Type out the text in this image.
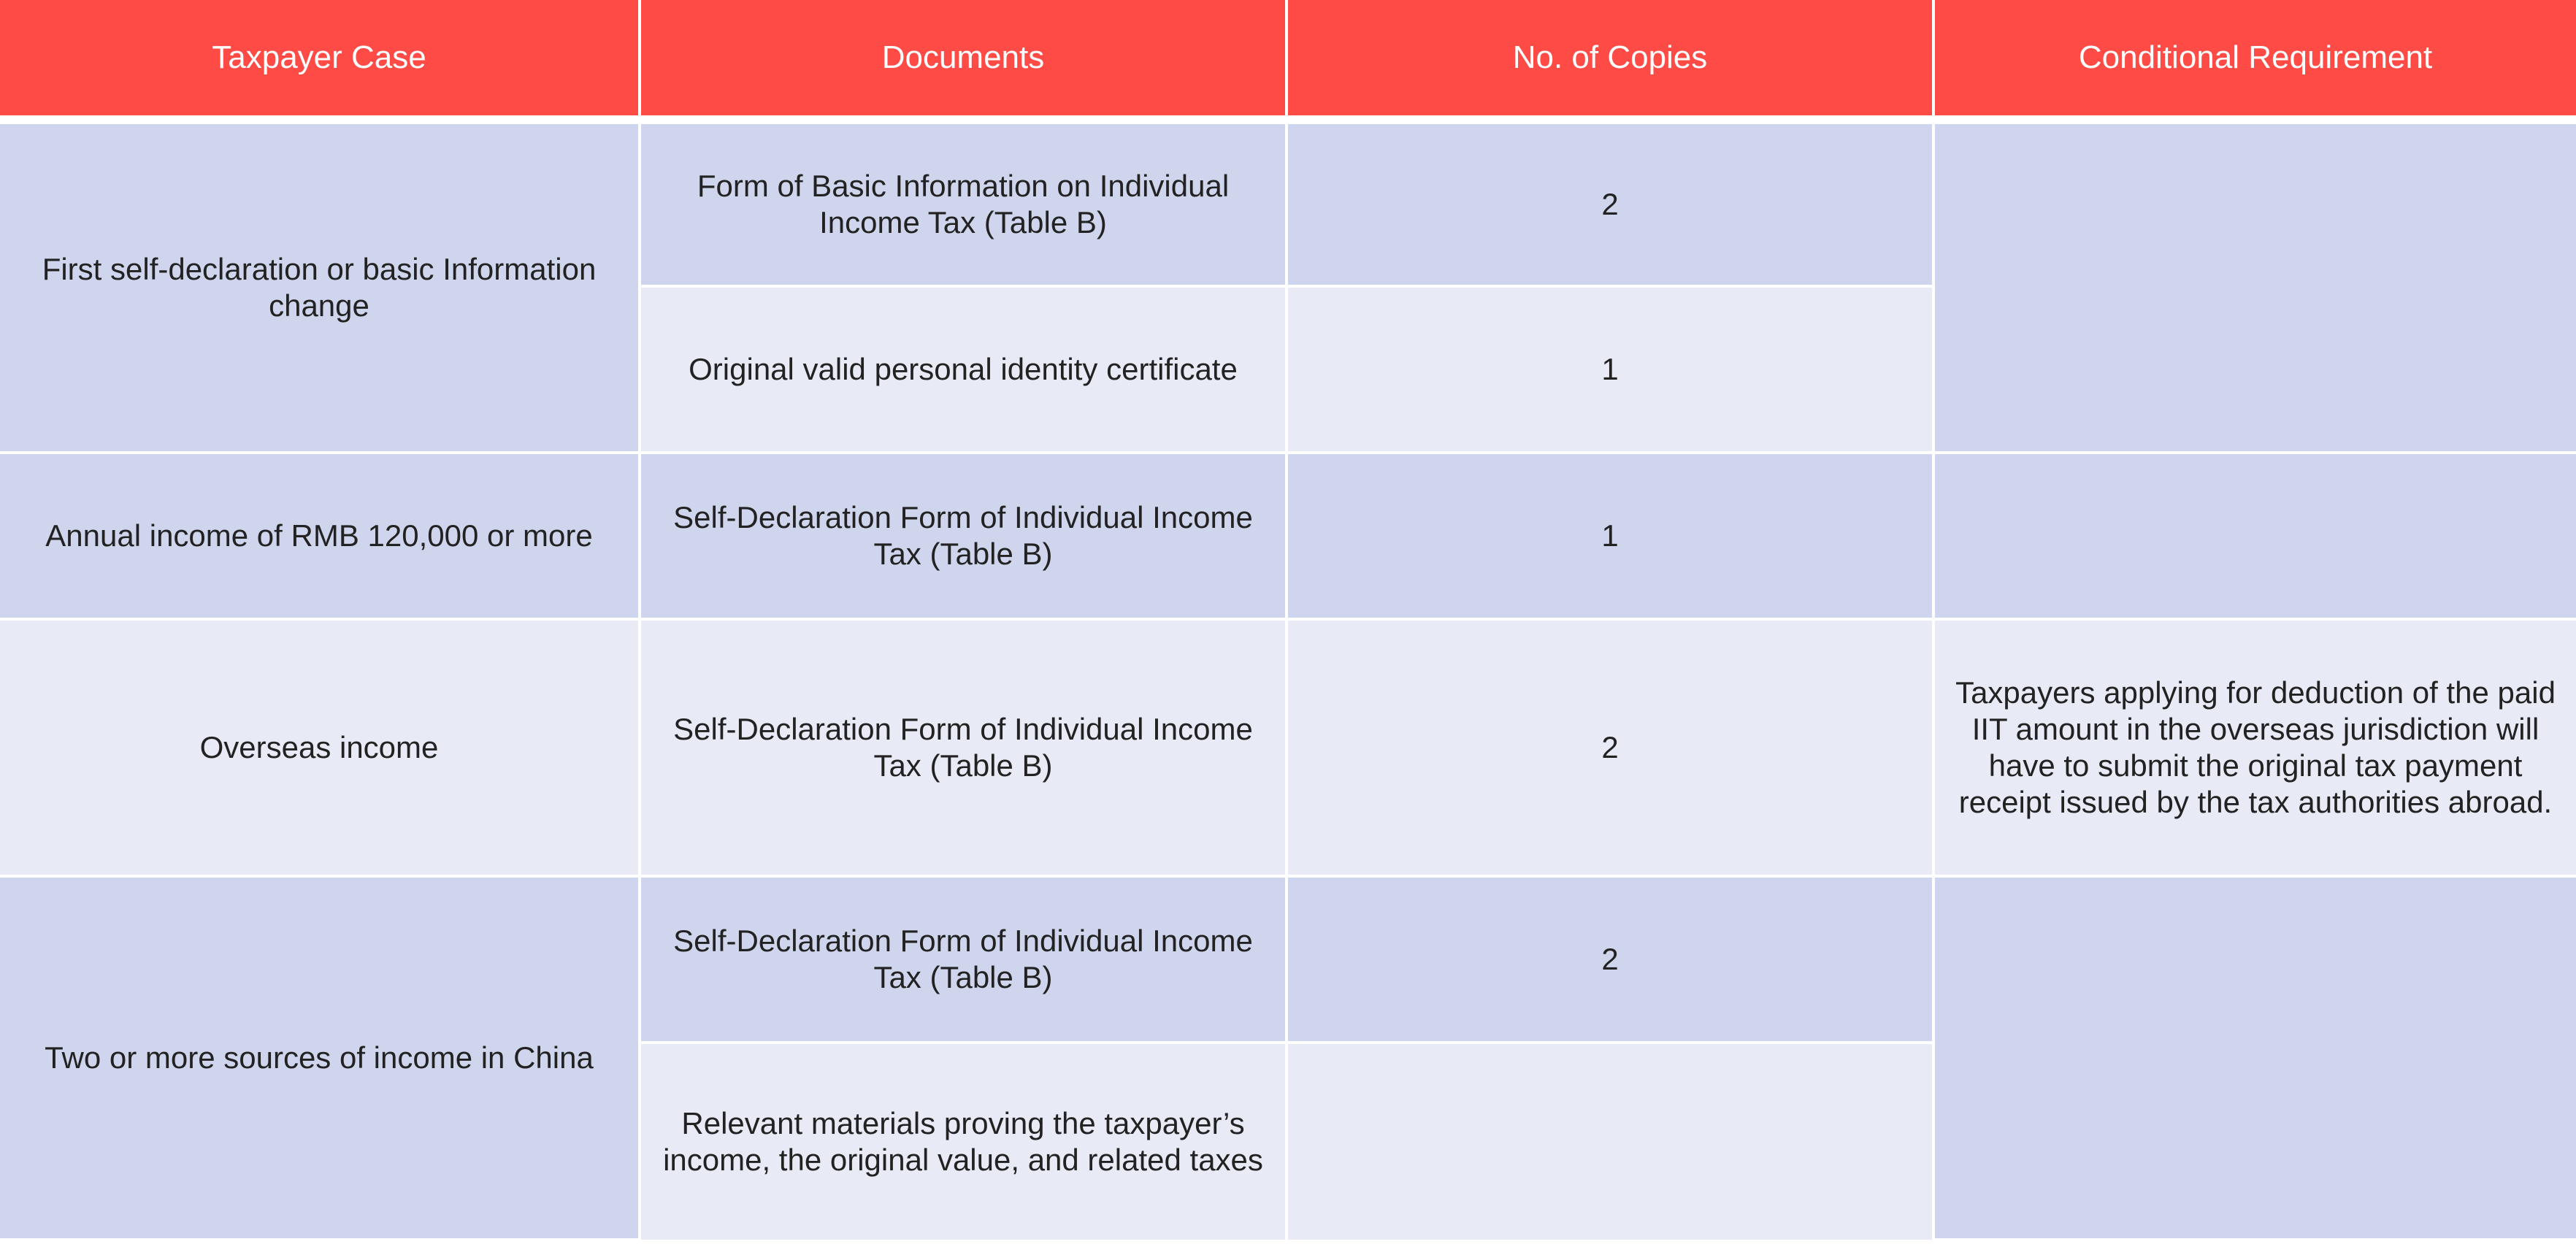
Taxpayer Case	Documents	No. of Copies	Conditional Requirement
First self-declaration or basic Information change	Form of Basic Information on Individual Income Tax (Table B)	2	
	Original valid personal identity certificate	1	
Annual income of RMB 120,000 or more	Self-Declaration Form of Individual Income Tax (Table B)	1	
Overseas income	Self-Declaration Form of Individual Income Tax (Table B)	2	Taxpayers applying for deduction of the paid IIT amount in the overseas jurisdiction will have to submit the original tax payment receipt issued by the tax authorities abroad.
Two or more sources of income in China	Self-Declaration Form of Individual Income Tax (Table B)	2	
	Relevant materials proving the taxpayer’s income, the original value, and related taxes		
